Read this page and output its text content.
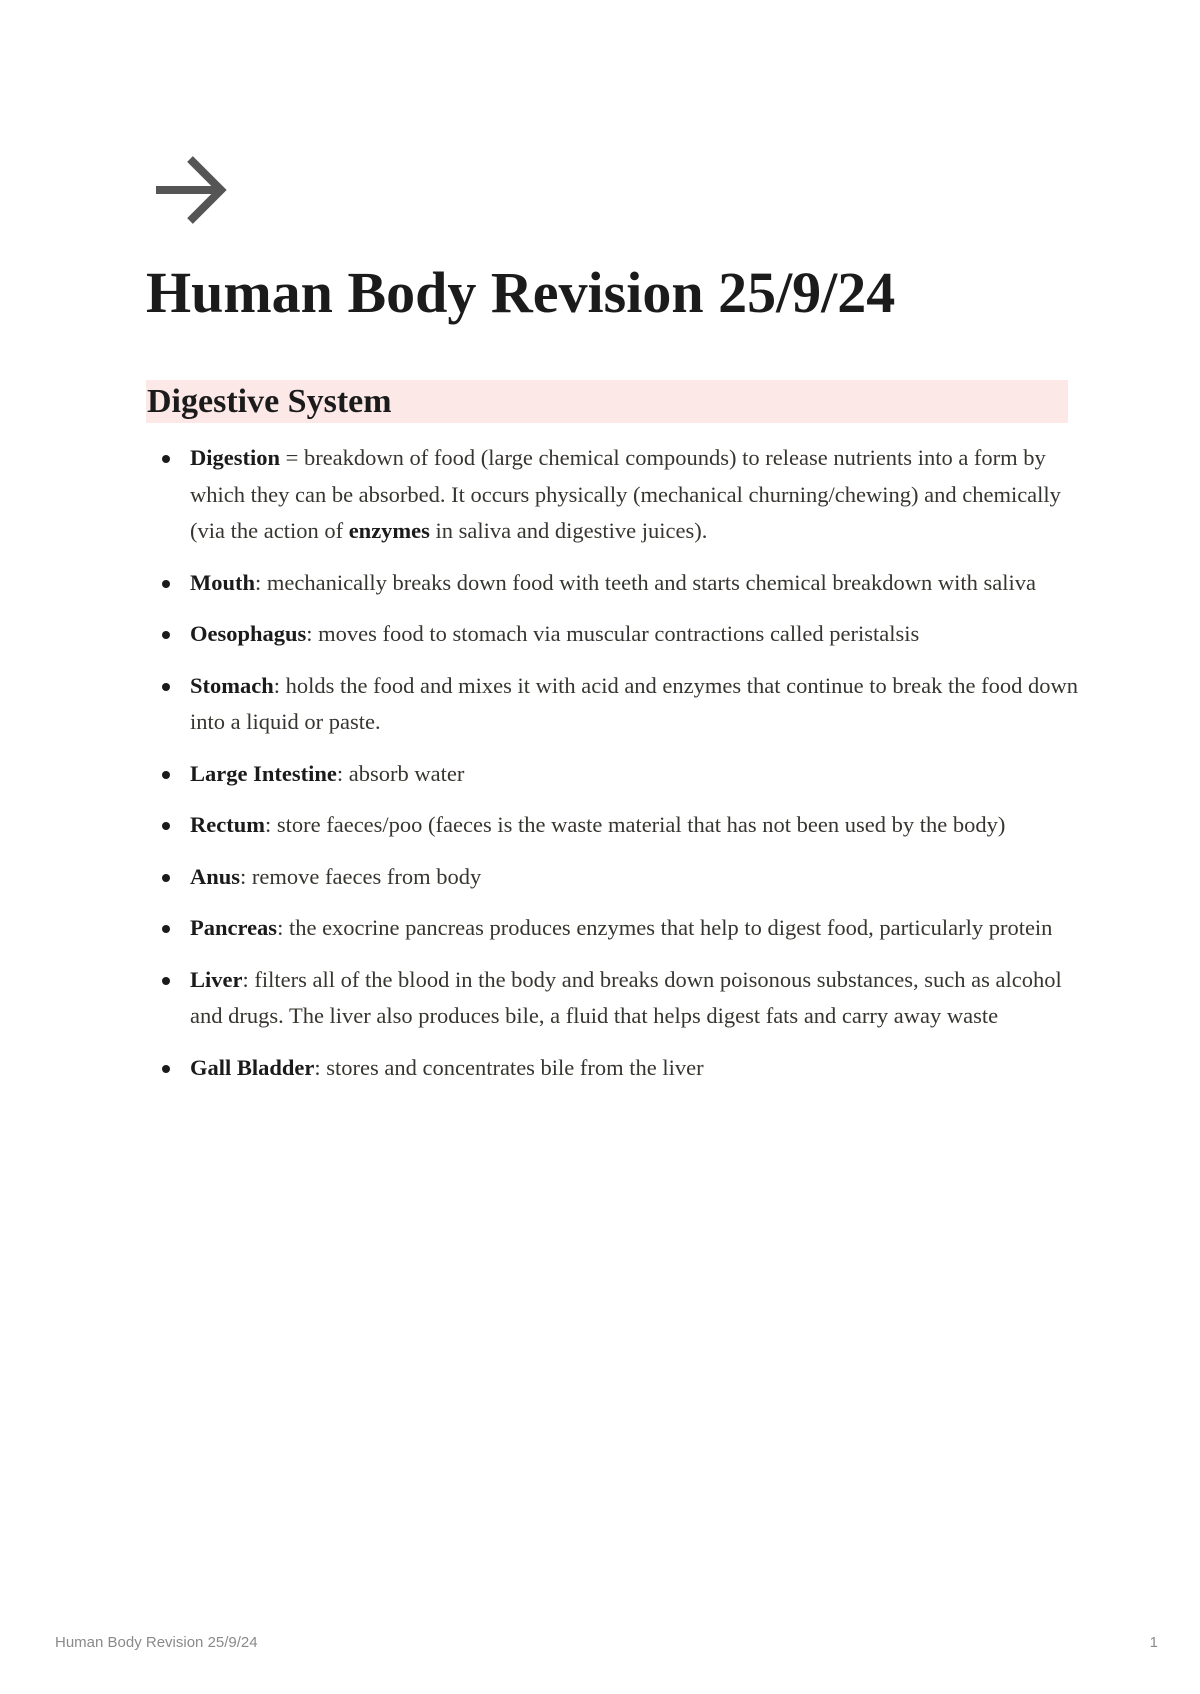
Human Body Revision 25/9/24
Digestive System
Digestion = breakdown of food (large chemical compounds) to release nutrients into a form by which they can be absorbed. It occurs physically (mechanical churning/chewing) and chemically (via the action of enzymes in saliva and digestive juices).
Mouth: mechanically breaks down food with teeth and starts chemical breakdown with saliva
Oesophagus: moves food to stomach via muscular contractions called peristalsis
Stomach: holds the food and mixes it with acid and enzymes that continue to break the food down into a liquid or paste.
Large Intestine: absorb water
Rectum: store faeces/poo (faeces is the waste material that has not been used by the body)
Anus: remove faeces from body
Pancreas: the exocrine pancreas produces enzymes that help to digest food, particularly protein
Liver: filters all of the blood in the body and breaks down poisonous substances, such as alcohol and drugs. The liver also produces bile, a fluid that helps digest fats and carry away waste
Gall Bladder: stores and concentrates bile from the liver
Human Body Revision 25/9/24	1
